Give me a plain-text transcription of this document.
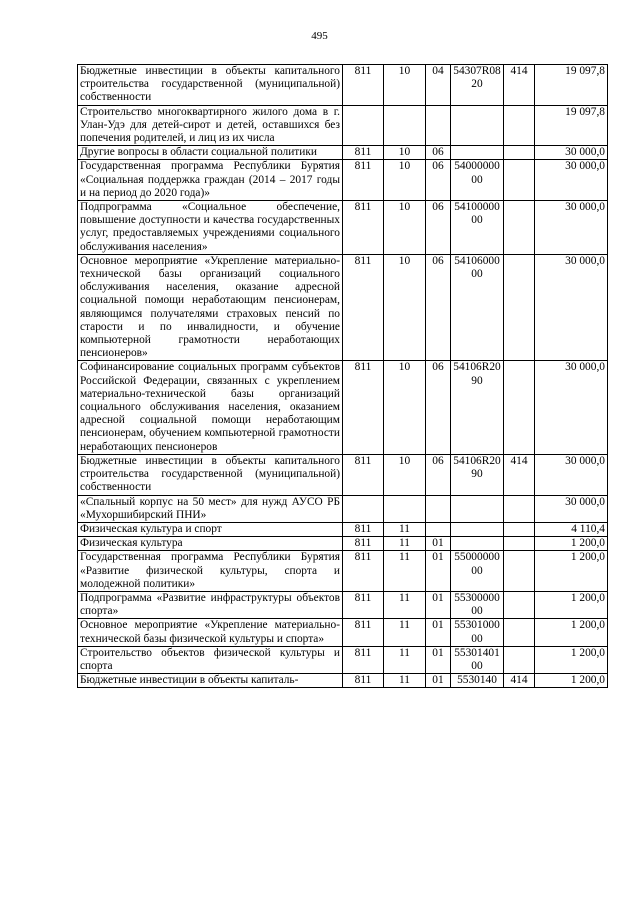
495
Бюджетные инвестиции в объекты капитального строительства государственной (муниципальной) собственности	811	10	04	54307R0820	414	19 097,8
Строительство многоквартирного жилого дома в г. Улан-Удэ для детей-сирот и детей, оставшихся без попечения родителей, и лиц из их числа						19 097,8
Другие вопросы в области социальной политики	811	10	06			30 000,0
Государственная программа Республики Бурятия «Социальная поддержка граждан (2014 – 2017 годы и на период до 2020 года)»	811	10	06	5400000000		30 000,0
Подпрограмма «Социальное обеспечение, повышение доступности и качества государственных услуг, предоставляемых учреждениями социального обслуживания населения»	811	10	06	5410000000		30 000,0
Основное мероприятие «Укрепление материально-технической базы организаций социального обслуживания населения, оказание адресной социальной помощи неработающим пенсионерам, являющимся получателями страховых пенсий по старости и по инвалидности, и обучение компьютерной грамотности неработающих пенсионеров»	811	10	06	5410600000		30 000,0
Софинансирование социальных программ субъектов Российской Федерации, связанных с укреплением материально-технической базы организаций социального обслуживания населения, оказанием адресной социальной помощи неработающим пенсионерам, обучением компьютерной грамотности неработающих пенсионеров	811	10	06	54106R2090		30 000,0
Бюджетные инвестиции в объекты капитального строительства государственной (муниципальной) собственности	811	10	06	54106R2090	414	30 000,0
«Спальный корпус на 50 мест» для нужд АУСО РБ «Мухоршибирский ПНИ»						30 000,0
Физическая культура и спорт	811	11				4 110,4
Физическая культура	811	11	01			1 200,0
Государственная программа Республики Бурятия «Развитие физической культуры, спорта и молодежной политики»	811	11	01	5500000000		1 200,0
Подпрограмма «Развитие инфраструктуры объектов спорта»	811	11	01	5530000000		1 200,0
Основное мероприятие «Укрепление материально-технической базы физической культуры и спорта»	811	11	01	5530100000		1 200,0
Строительство объектов физической культуры и спорта	811	11	01	5530140100		1 200,0
Бюджетные инвестиции в объекты капиталь-	811	11	01	5530140	414	1 200,0
